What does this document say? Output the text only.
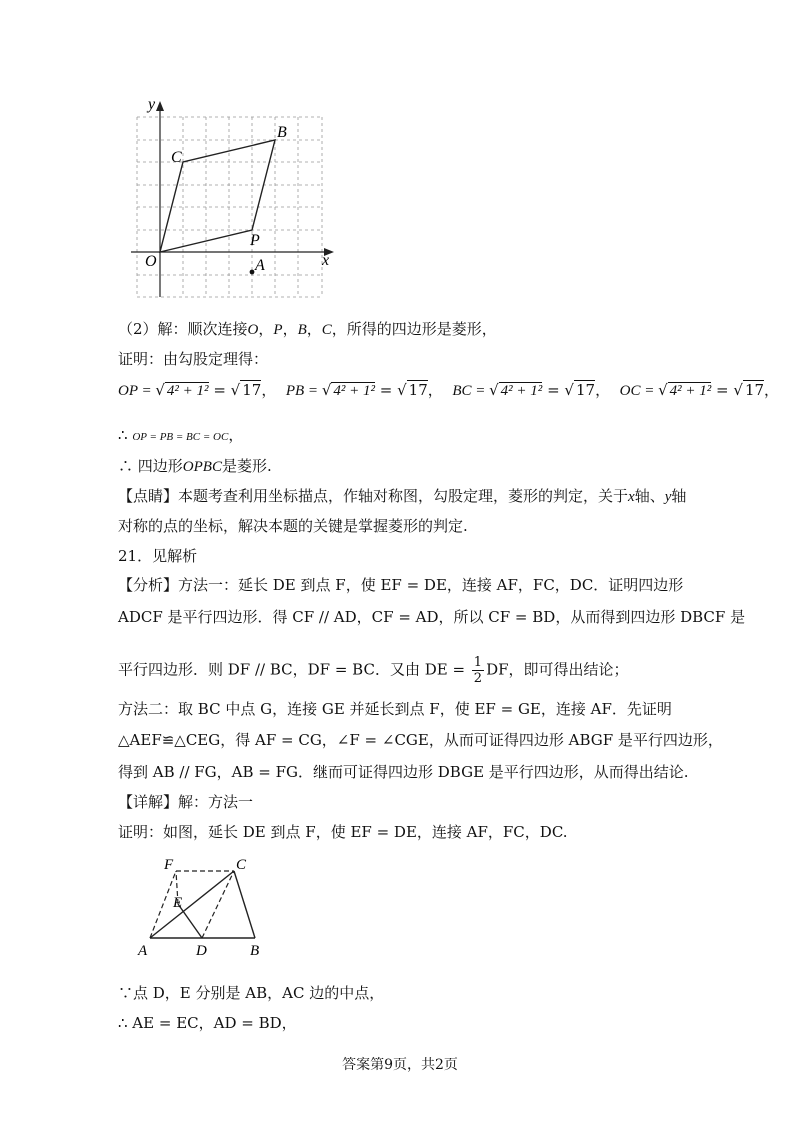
y
x
O
B
C
P
A
（2）解：顺次连接O，P，B，C，所得的四边形是菱形，
证明：由勾股定理得：
OP = √ 4² + 1² = √ 17，  PB = √ 4² + 1² = √ 17，  BC = √ 4² + 1² = √ 17，  OC = √ 4² + 1² = √ 17，
∴ OP = PB = BC = OC，
∴ 四边形OPBC是菱形.
【点睛】本题考查利用坐标描点，作轴对称图，勾股定理，菱形的判定，关于x轴、y轴
对称的点的坐标，解决本题的关键是掌握菱形的判定.
21．见解析
【分析】方法一：延长 DE 到点 F，使 EF = DE，连接 AF，FC，DC．证明四边形
ADCF 是平行四边形．得 CF // AD，CF = AD，所以 CF = BD，从而得到四边形 DBCF 是
平行四边形．则 DF // BC，DF = BC．又由 DE = $\frac{1}{2}$ DF，即可得出结论；
方法二：取 BC 中点 G，连接 GE 并延长到点 F，使 EF = GE，连接 AF．先证明
△AEF≌△CEG，得 AF = CG，∠F = ∠CGE，从而可证得四边形 ABGF 是平行四边形，
得到 AB // FG，AB = FG．继而可证得四边形 DBGE 是平行四边形，从而得出结论.
【详解】解：方法一
证明：如图，延长 DE 到点 F，使 EF = DE，连接 AF，FC，DC.
F	C
E
A	D	B
∵点 D，E 分别是 AB，AC 边的中点，
∴ AE = EC，AD = BD，
答案第9页，共2页
